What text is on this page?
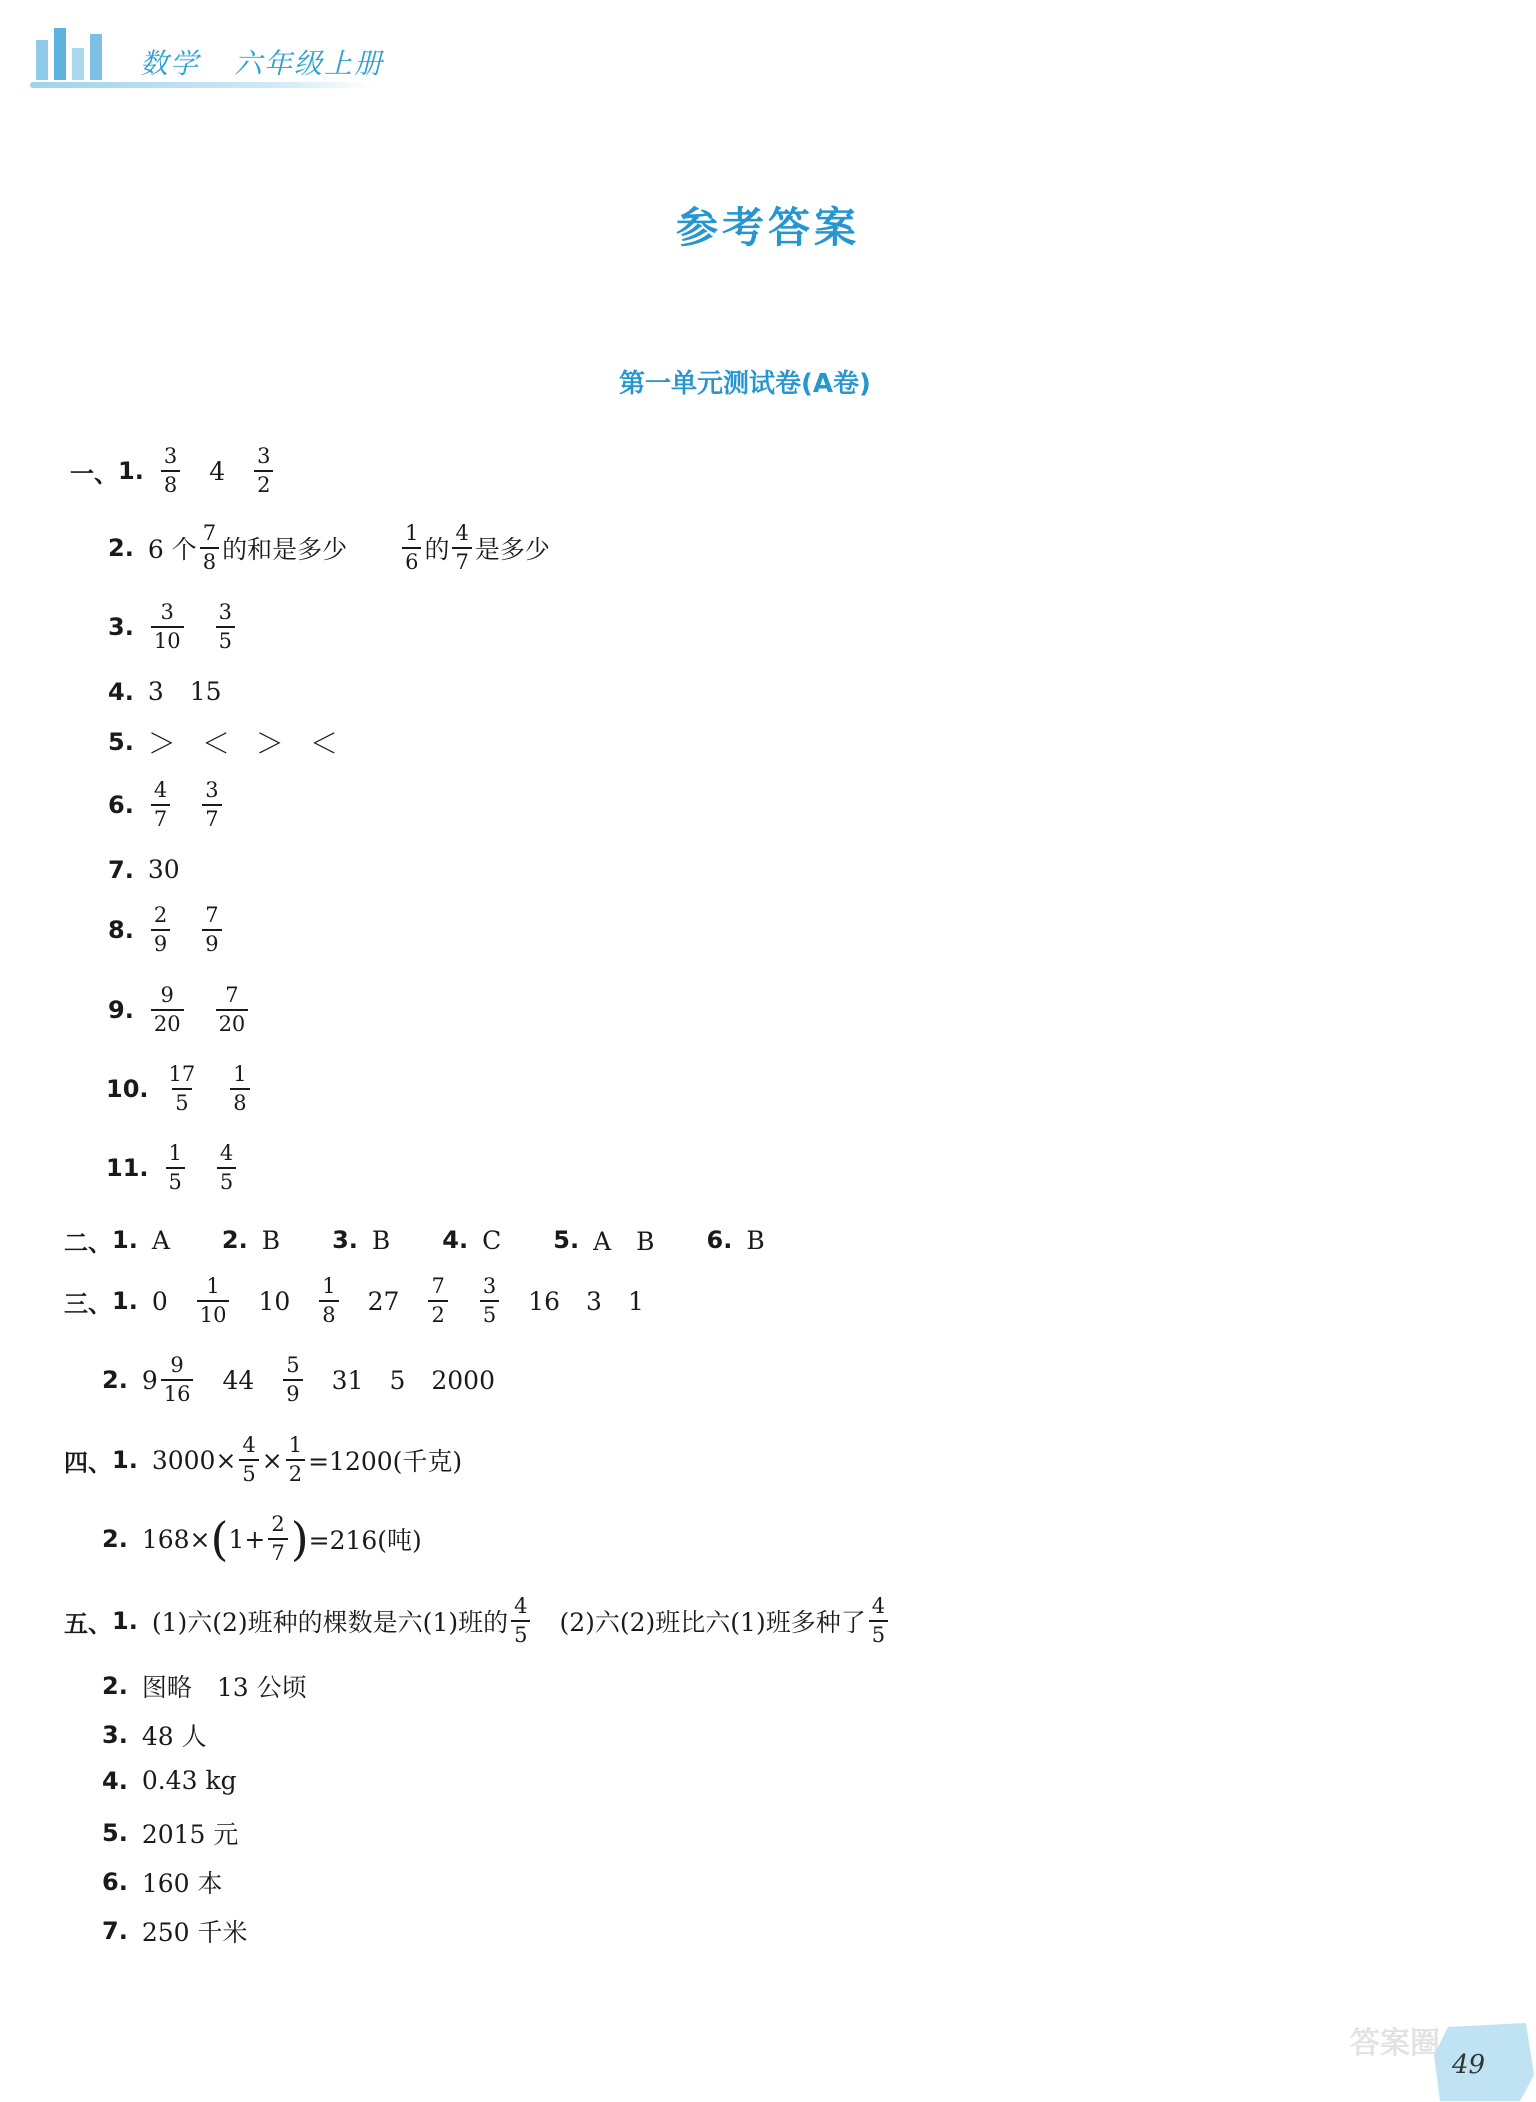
数学 六年级上册
参考答案
第一单元测试卷(A卷)
一、 1. $\frac{3}{8} 4 \frac{3}{2}$
2. 6 个 $\frac{7}{8}$ 的和是多少	$\frac{1}{6}$ 的 $\frac{4}{7}$ 是多少
3. $\frac{3}{10} \frac{3}{5}$
4. 3 15
5. ＞ ＜ ＞ ＜
6. $\frac{4}{7} \frac{3}{7}$
7. 30
8. $\frac{2}{9} \frac{7}{9}$
9. $\frac{9}{20} \frac{7}{20}$
10. $\frac{17}{5} \frac{1}{8}$
11. $\frac{1}{5} \frac{4}{5}$
二、 1. A 2. B 3. B 4. C 5. A　B 6. B
三、 1. $0 \frac{1}{10} 10 \frac{1}{8} 27 \frac{7}{2} \frac{3}{5} 16$ 3 1
2. $9 \frac{9}{16} 44 \frac{5}{9} 31$ 5 2000
四、 1. $3000\times \frac{4}{5} \times \frac{1}{2} =1200$(千克)
2. 168× ( $1+ \frac{2}{7}$ ) =216(吨)
五、 1. (1)六(2)班种的棵数是六(1)班的 $\frac{4}{5} (2)$六(2)班比六(1)班多种了 $\frac{4}{5}$
2. 图略　13 公顷
3. 48 人
4. 0.43 kg
5. 2015 元
6. 160 本
7. 250 千米
答案圈
49
